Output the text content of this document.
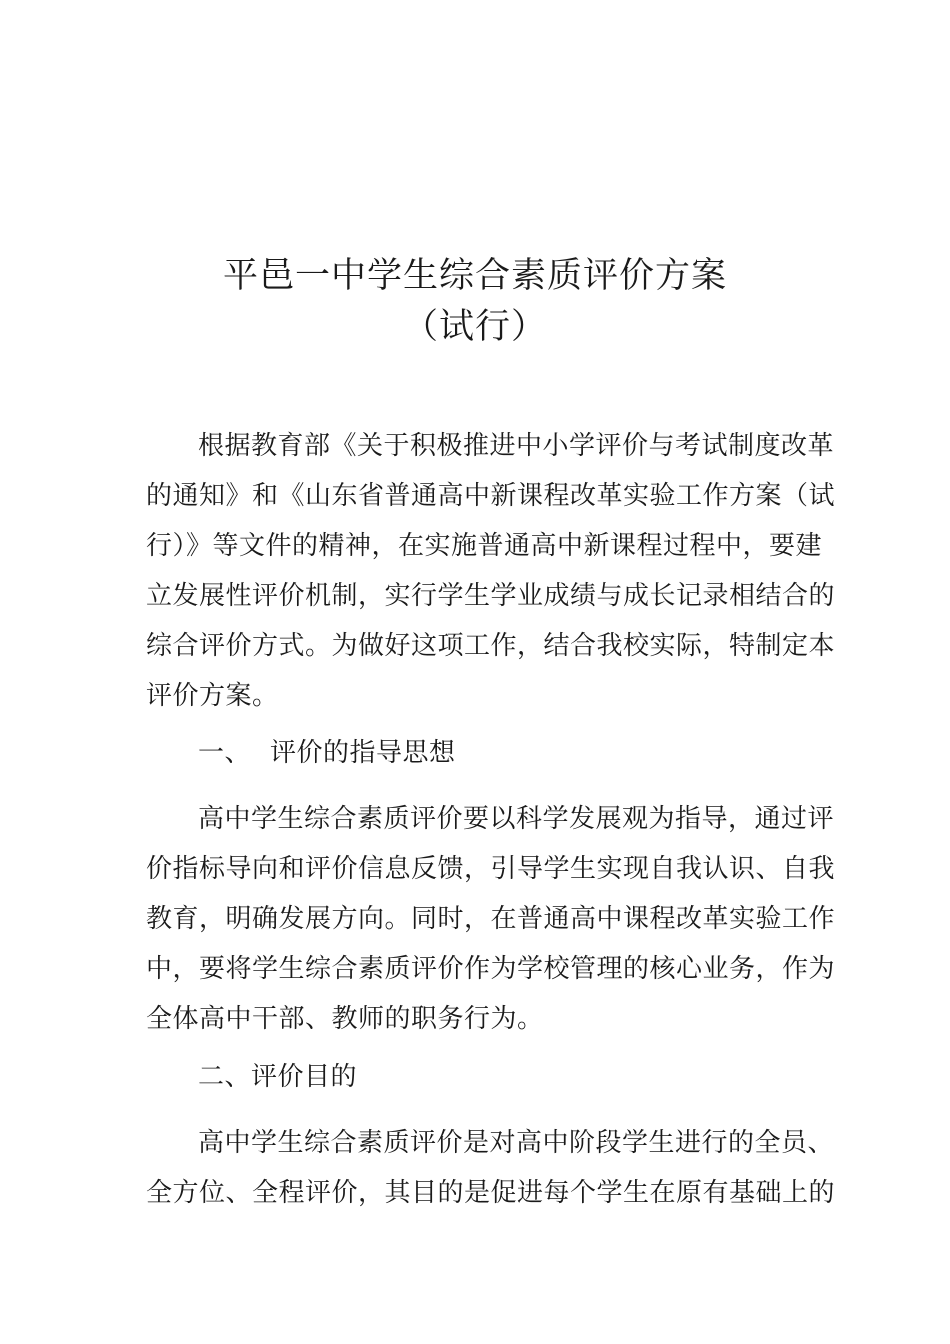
平邑一中学生综合素质评价方案
（试行）
根据教育部《关于积极推进中小学评价与考试制度改革
的通知》和《山东省普通高中新课程改革实验工作方案（试
行）》等文件的精神，在实施普通高中新课程过程中，要建
立发展性评价机制，实行学生学业成绩与成长记录相结合的
综合评价方式。为做好这项工作，结合我校实际，特制定本
评价方案。
一、 评价的指导思想
高中学生综合素质评价要以科学发展观为指导，通过评
价指标导向和评价信息反馈，引导学生实现自我认识、自我
教育，明确发展方向。同时，在普通高中课程改革实验工作
中，要将学生综合素质评价作为学校管理的核心业务，作为
全体高中干部、教师的职务行为。
二、评价目的
高中学生综合素质评价是对高中阶段学生进行的全员、
全方位、全程评价，其目的是促进每个学生在原有基础上的
